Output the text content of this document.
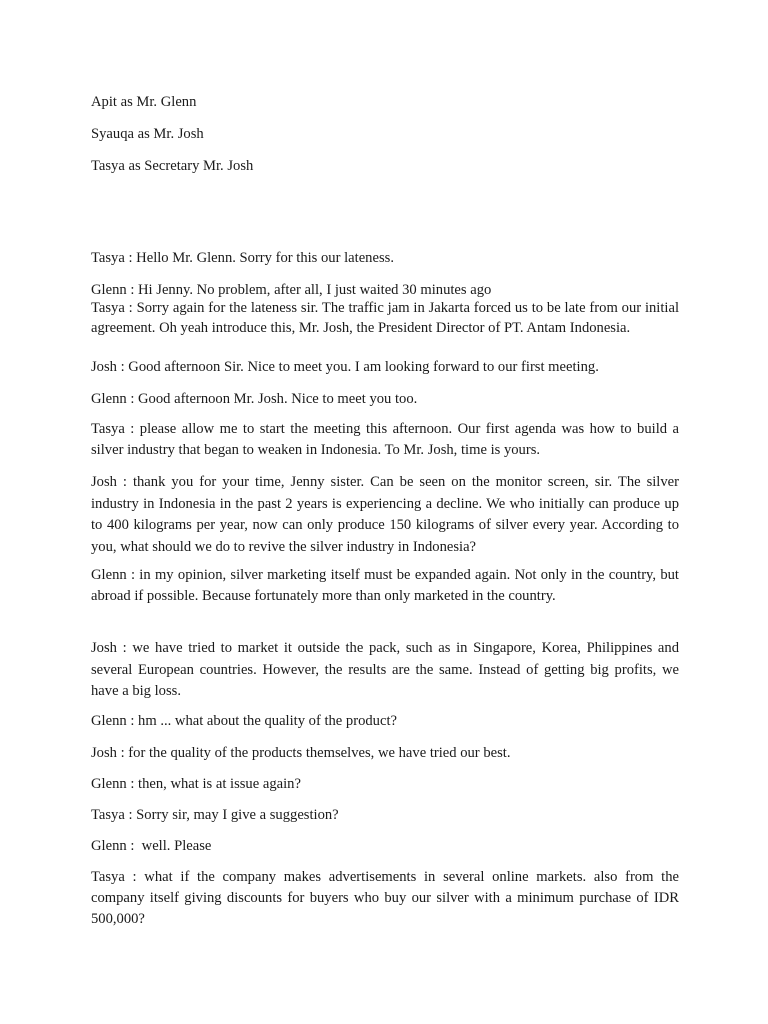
Apit as Mr. Glenn
Syauqa as Mr. Josh
Tasya as Secretary Mr. Josh
Tasya : Hello Mr. Glenn. Sorry for this our lateness.
Glenn : Hi Jenny. No problem, after all, I just waited 30 minutes ago
Tasya : Sorry again for the lateness sir. The traffic jam in Jakarta forced us to be late from our initial agreement. Oh yeah introduce this, Mr. Josh, the President Director of PT. Antam Indonesia.
Josh : Good afternoon Sir. Nice to meet you. I am looking forward to our first meeting.
Glenn : Good afternoon Mr. Josh. Nice to meet you too.
Tasya : please allow me to start the meeting this afternoon. Our first agenda was how to build a silver industry that began to weaken in Indonesia. To Mr. Josh, time is yours.
Josh : thank you for your time, Jenny sister. Can be seen on the monitor screen, sir. The silver industry in Indonesia in the past 2 years is experiencing a decline. We who initially can produce up to 400 kilograms per year, now can only produce 150 kilograms of silver every year. According to you, what should we do to revive the silver industry in Indonesia?
Glenn : in my opinion, silver marketing itself must be expanded again. Not only in the country, but abroad if possible. Because fortunately more than only marketed in the country.
Josh : we have tried to market it outside the pack, such as in Singapore, Korea, Philippines and several European countries. However, the results are the same. Instead of getting big profits, we have a big loss.
Glenn : hm ... what about the quality of the product?
Josh : for the quality of the products themselves, we have tried our best.
Glenn : then, what is at issue again?
Tasya : Sorry sir, may I give a suggestion?
Glenn :  well. Please
Tasya : what if the company makes advertisements in several online markets. also from the company itself giving discounts for buyers who buy our silver with a minimum purchase of IDR 500,000?
